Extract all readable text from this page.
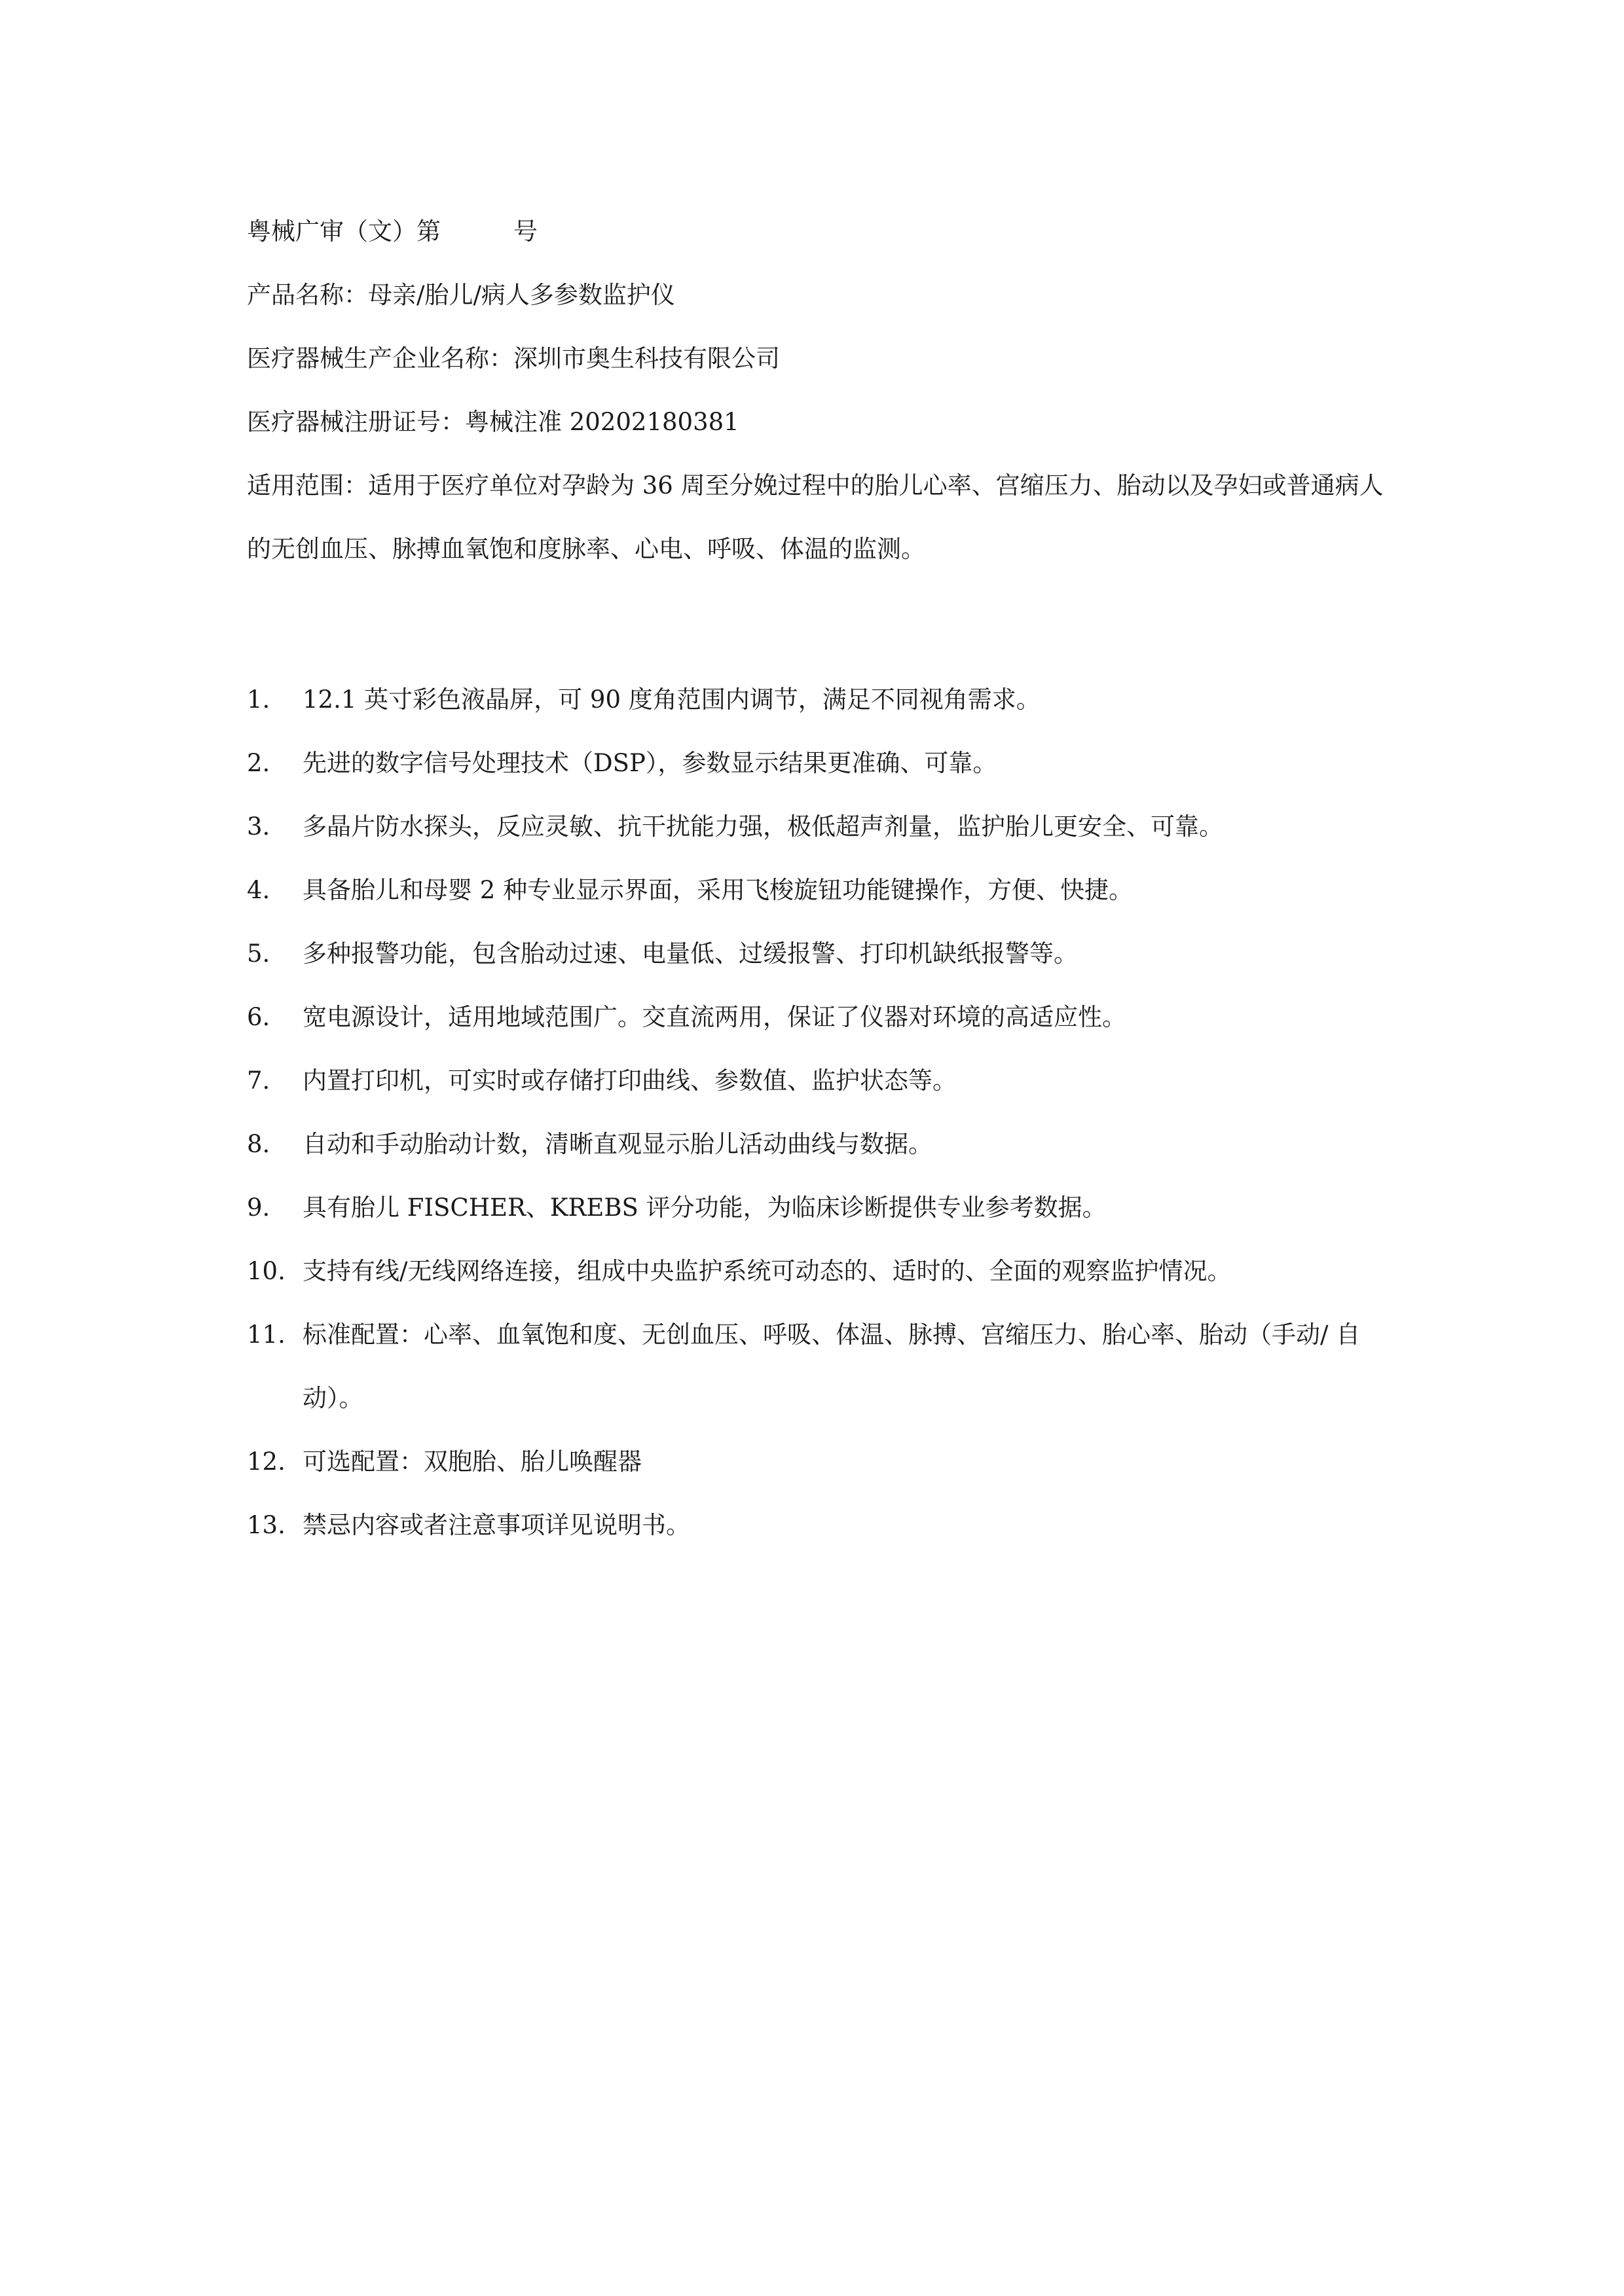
粤械广审（文）第　　　号
产品名称：母亲/胎儿/病人多参数监护仪
医疗器械生产企业名称：深圳市奥生科技有限公司
医疗器械注册证号：粤械注准 20202180381
适用范围：适用于医疗单位对孕龄为 36 周至分娩过程中的胎儿心率、宫缩压力、胎动以及孕妇或普通病人的无创血压、脉搏血氧饱和度脉率、心电、呼吸、体温的监测。
1. 12.1 英寸彩色液晶屏，可 90 度角范围内调节，满足不同视角需求。
2. 先进的数字信号处理技术（DSP），参数显示结果更准确、可靠。
3. 多晶片防水探头，反应灵敏、抗干扰能力强，极低超声剂量，监护胎儿更安全、可靠。
4. 具备胎儿和母婴 2 种专业显示界面，采用飞梭旋钮功能键操作，方便、快捷。
5. 多种报警功能，包含胎动过速、电量低、过缓报警、打印机缺纸报警等。
6. 宽电源设计，适用地域范围广。交直流两用，保证了仪器对环境的高适应性。
7. 内置打印机，可实时或存储打印曲线、参数值、监护状态等。
8. 自动和手动胎动计数，清晰直观显示胎儿活动曲线与数据。
9. 具有胎儿 FISCHER、KREBS 评分功能，为临床诊断提供专业参考数据。
10. 支持有线/无线网络连接，组成中央监护系统可动态的、适时的、全面的观察监护情况。
11. 标准配置：心率、血氧饱和度、无创血压、呼吸、体温、脉搏、宫缩压力、胎心率、胎动（手动/ 自动）。
12. 可选配置：双胞胎、胎儿唤醒器
13. 禁忌内容或者注意事项详见说明书。
